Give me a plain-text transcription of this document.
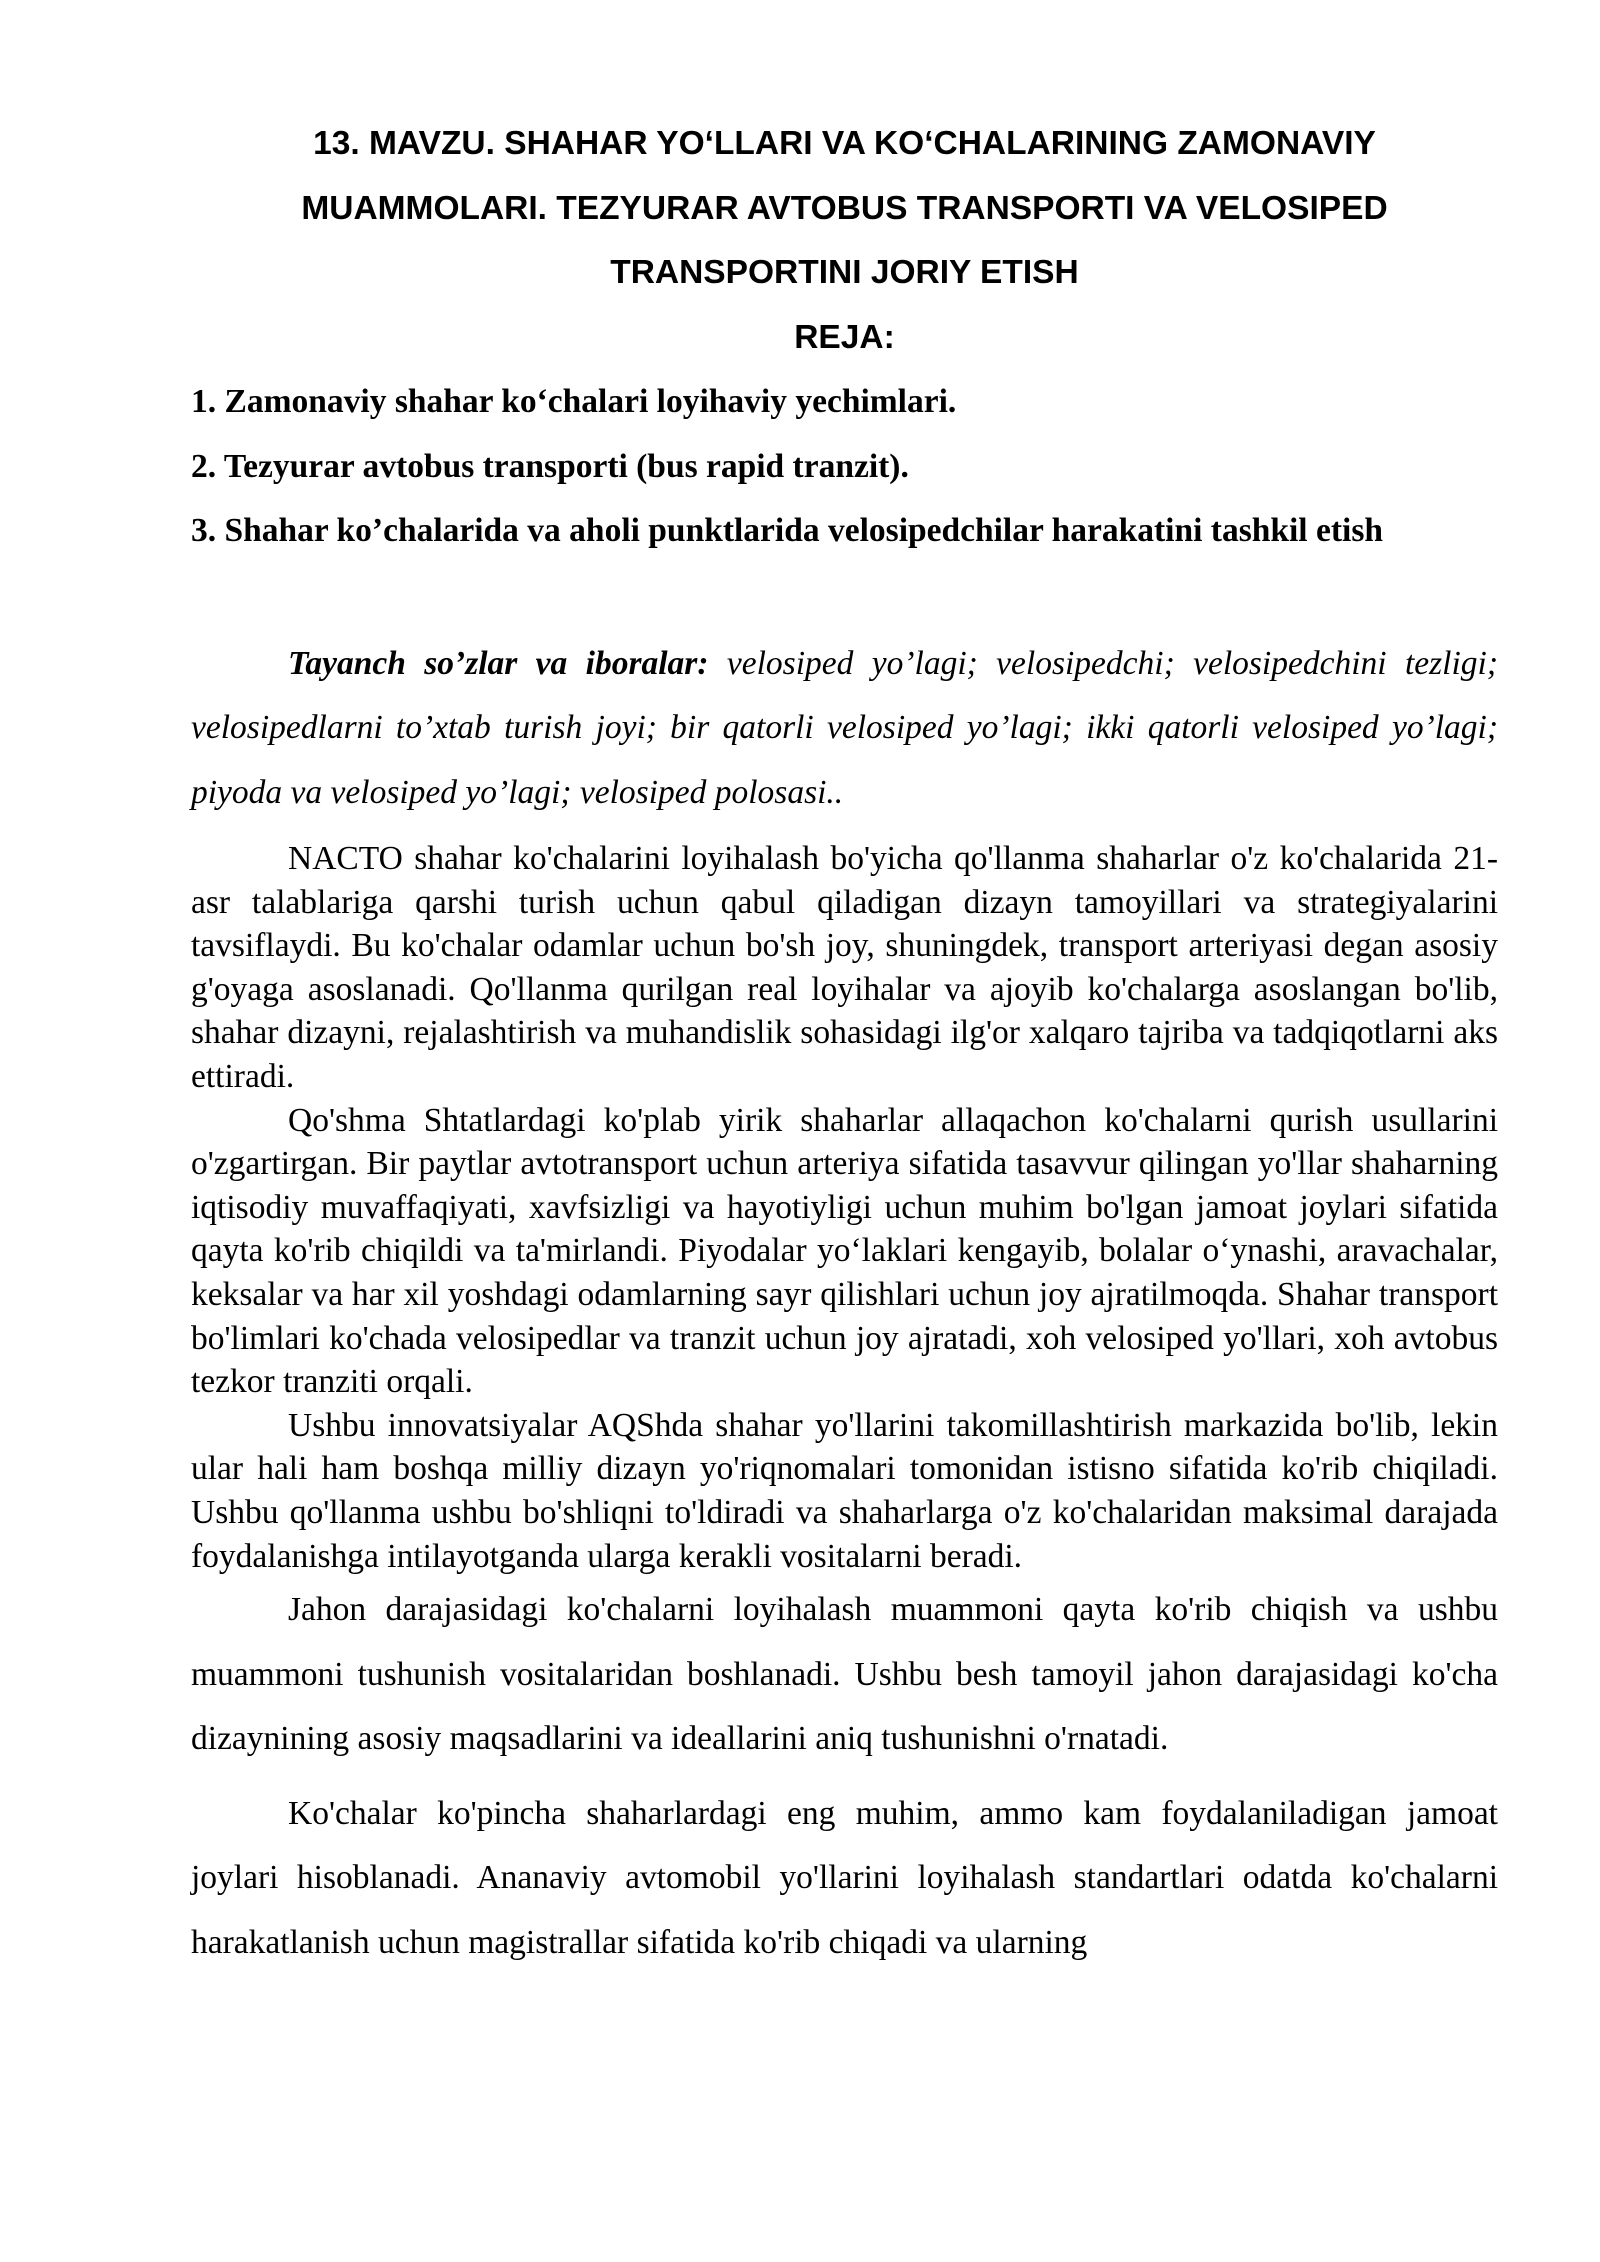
13. MAVZU. SHAHAR YO‘LLARI VA KO‘CHALARINING ZAMONAVIY
MUAMMOLARI. TEZYURAR AVTOBUS TRANSPORTI VA VELOSIPED
TRANSPORTINI JORIY ETISH
REJA:
1. Zamonaviy shahar ko‘chalari loyihaviy yechimlari.
2. Tezyurar avtobus transporti (bus rapid tranzit).
3. Shahar ko’chalarida va aholi punktlarida velosipedchilar harakatini tashkil etish

Tayanch so’zlar va iboralar: velosiped yo’lagi; velosipedchi; velosipedchini tezligi; velosipedlarni to’xtab turish joyi; bir qatorli velosiped yo’lagi; ikki qatorli velosiped yo’lagi; piyoda va velosiped yo’lagi; velosiped polosasi..

NACTO shahar ko'chalarini loyihalash bo'yicha qo'llanma shaharlar o'z ko'chalarida 21-asr talablariga qarshi turish uchun qabul qiladigan dizayn tamoyillari va strategiyalarini tavsiflaydi. Bu ko'chalar odamlar uchun bo'sh joy, shuningdek, transport arteriyasi degan asosiy g'oyaga asoslanadi. Qo'llanma qurilgan real loyihalar va ajoyib ko'chalarga asoslangan bo'lib, shahar dizayni, rejalashtirish va muhandislik sohasidagi ilg'or xalqaro tajriba va tadqiqotlarni aks ettiradi.

Qo'shma Shtatlardagi ko'plab yirik shaharlar allaqachon ko'chalarni qurish usullarini o'zgartirgan. Bir paytlar avtotransport uchun arteriya sifatida tasavvur qilingan yo'llar shaharning iqtisodiy muvaffaqiyati, xavfsizligi va hayotiyligi uchun muhim bo'lgan jamoat joylari sifatida qayta ko'rib chiqildi va ta'mirlandi. Piyodalar yo‘laklari kengayib, bolalar o‘ynashi, aravachalar, keksalar va har xil yoshdagi odamlarning sayr qilishlari uchun joy ajratilmoqda. Shahar transport bo'limlari ko'chada velosipedlar va tranzit uchun joy ajratadi, xoh velosiped yo'llari, xoh avtobus tezkor tranziti orqali.

Ushbu innovatsiyalar AQShda shahar yo'llarini takomillashtirish markazida bo'lib, lekin ular hali ham boshqa milliy dizayn yo'riqnomalari tomonidan istisno sifatida ko'rib chiqiladi. Ushbu qo'llanma ushbu bo'shliqni to'ldiradi va shaharlarga o'z ko'chalaridan maksimal darajada foydalanishga intilayotganda ularga kerakli vositalarni beradi.

Jahon darajasidagi ko'chalarni loyihalash muammoni qayta ko'rib chiqish va ushbu muammoni tushunish vositalaridan boshlanadi. Ushbu besh tamoyil jahon darajasidagi ko'cha dizaynining asosiy maqsadlarini va ideallarini aniq tushunishni o'rnatadi.

Ko'chalar ko'pincha shaharlardagi eng muhim, ammo kam foydalaniladigan jamoat joylari hisoblanadi. Ananaviy avtomobil yo'llarini loyihalash standartlari odatda ko'chalarni harakatlanish uchun magistrallar sifatida ko'rib chiqadi va ularning
